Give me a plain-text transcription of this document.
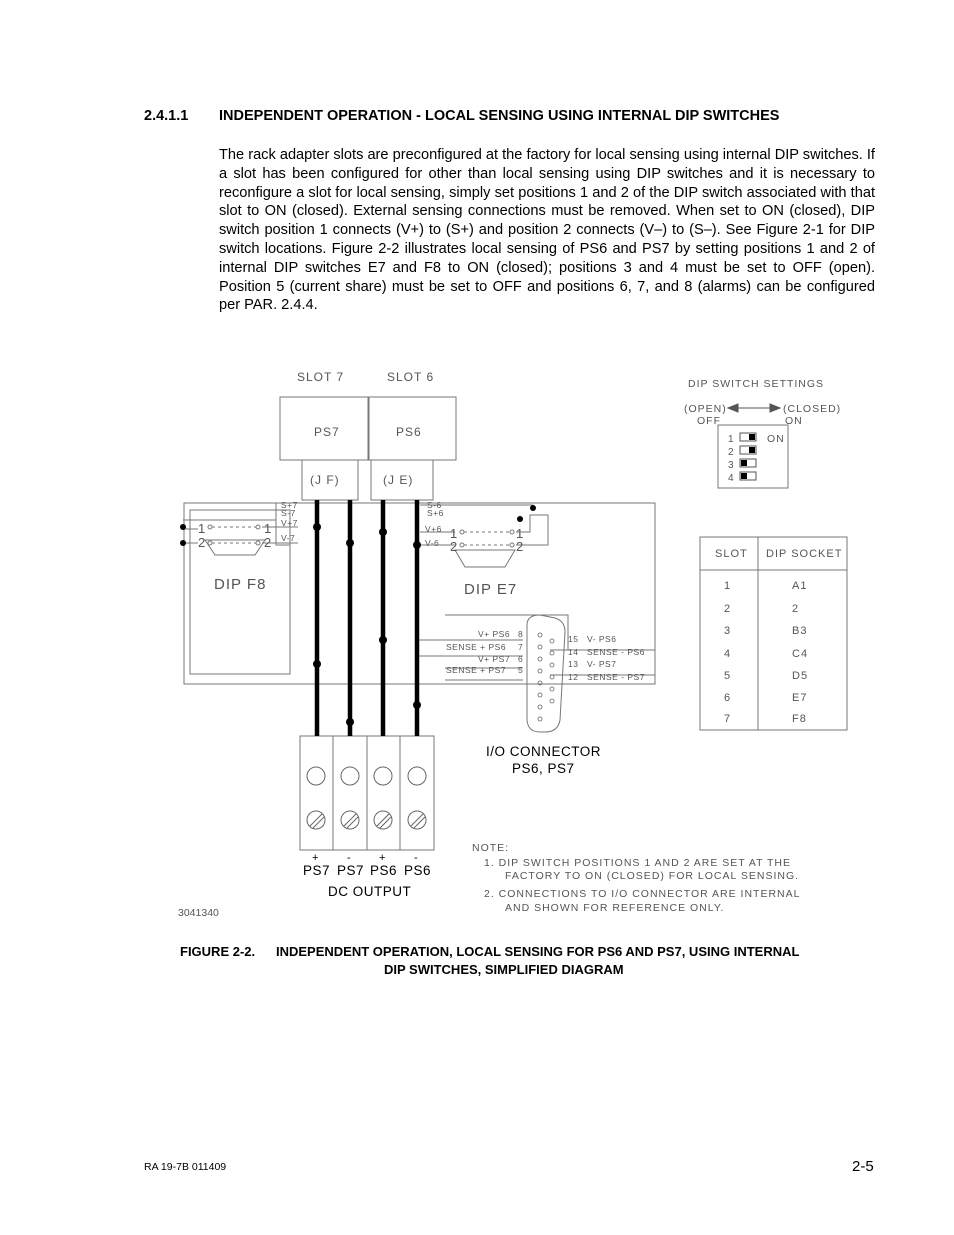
2.4.1.1 INDEPENDENT OPERATION - LOCAL SENSING USING INTERNAL DIP SWITCHES
The rack adapter slots are preconfigured at the factory for local sensing using internal DIP switches. If a slot has been configured for other than local sensing using DIP switches and it is necessary to reconfigure a slot for local sensing, simply set positions 1 and 2 of the DIP switch associated with that slot to ON (closed). External sensing connections must be removed. When set to ON (closed), DIP switch position 1 connects (V+) to (S+) and position 2 connects (V–) to (S–). See Figure 2-1 for DIP switch locations. Figure 2-2 illustrates local sensing of PS6 and PS7 by setting positions 1 and 2 of internal DIP switches E7 and F8 to ON (closed); positions 3 and 4 must be set to OFF (open). Position 5 (current share) must be set to OFF and positions 6, 7, and 8 (alarms) can be configured per PAR. 2.4.4.
SLOT 7	SLOT 6
PS7	PS6
(J F)	(J E)
S+7
S-7
V+7
V-7
S-6
S+6
V+6
V-6
1
2
1
2
1
2
1
2
DIP F8	DIP E7
DIP SWITCH SETTINGS
(OPEN)	(CLOSED)
OFF	ON
ON
1
2
3
4
SLOT DIP SOCKET
1	A1
2	2
3	B3
4	C4
5	D5
6	E7
7	F8
V+ PS6 8
SENSE + PS6 7
V+ PS7 6
SENSE + PS7 5
15 V- PS6
14 SENSE - PS6
13 V- PS7
12 SENSE - PS7
I/O CONNECTOR
PS6, PS7
+	-	+	-
PS7 PS7 PS6 PS6
DC OUTPUT
NOTE:
1. DIP SWITCH POSITIONS 1 AND 2 ARE SET AT THE
FACTORY TO ON (CLOSED) FOR LOCAL SENSING.
2. CONNECTIONS TO I/O CONNECTOR ARE INTERNAL
AND SHOWN FOR REFERENCE ONLY.
3041340
FIGURE 2-2. INDEPENDENT OPERATION, LOCAL SENSING FOR PS6 AND PS7, USING INTERNAL
DIP SWITCHES, SIMPLIFIED DIAGRAM
RA 19-7B 011409	2-5
